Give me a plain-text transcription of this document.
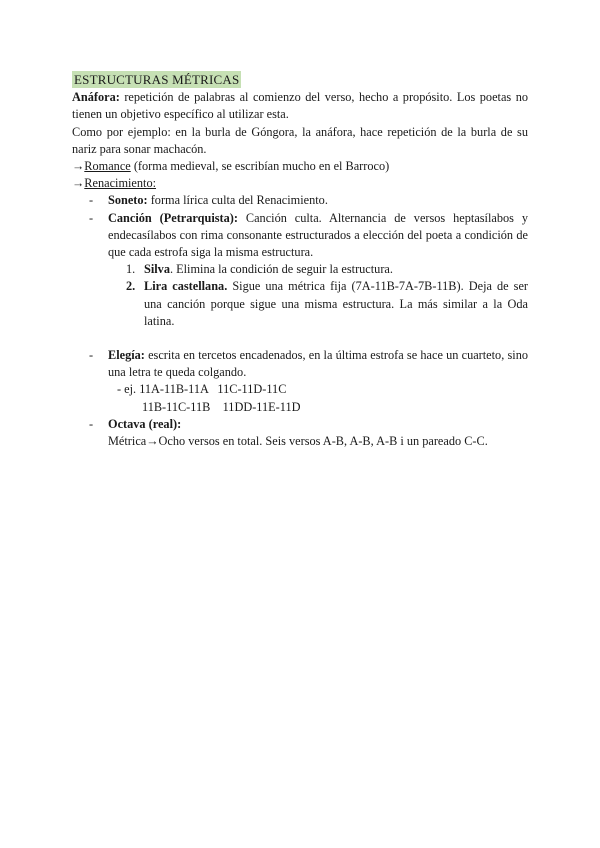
ESTRUCTURAS MÉTRICAS

Anáfora: repetición de palabras al comienzo del verso, hecho a propósito. Los poetas no tienen un objetivo específico al utilizar esta.

Como por ejemplo: en la burla de Góngora, la anáfora, hace repetición de la burla de su nariz para sonar machacón.

→Romance (forma medieval, se escribían mucho en el Barroco)

→Renacimiento:

- Soneto: forma lírica culta del Renacimiento.
- Canción (Petrarquista): Canción culta. Alternancia de versos heptasílabos y endecasílabos con rima consonante estructurados a elección del poeta a condición de que cada estrofa siga la misma estructura.
1. Silva. Elimina la condición de seguir la estructura.
2. Lira castellana. Sigue una métrica fija (7A-11B-7A-7B-11B). Deja de ser una canción porque sigue una misma estructura. La más similar a la Oda latina.
- Elegía: escrita en tercetos encadenados, en la última estrofa se hace un cuarteto, sino una letra te queda colgando.
- ej. 11A-11B-11A   11C-11D-11C
11B-11C-11B    11DD-11E-11D
- Octava (real):
Métrica→Ocho versos en total. Seis versos A-B, A-B, A-B i un pareado C-C.
